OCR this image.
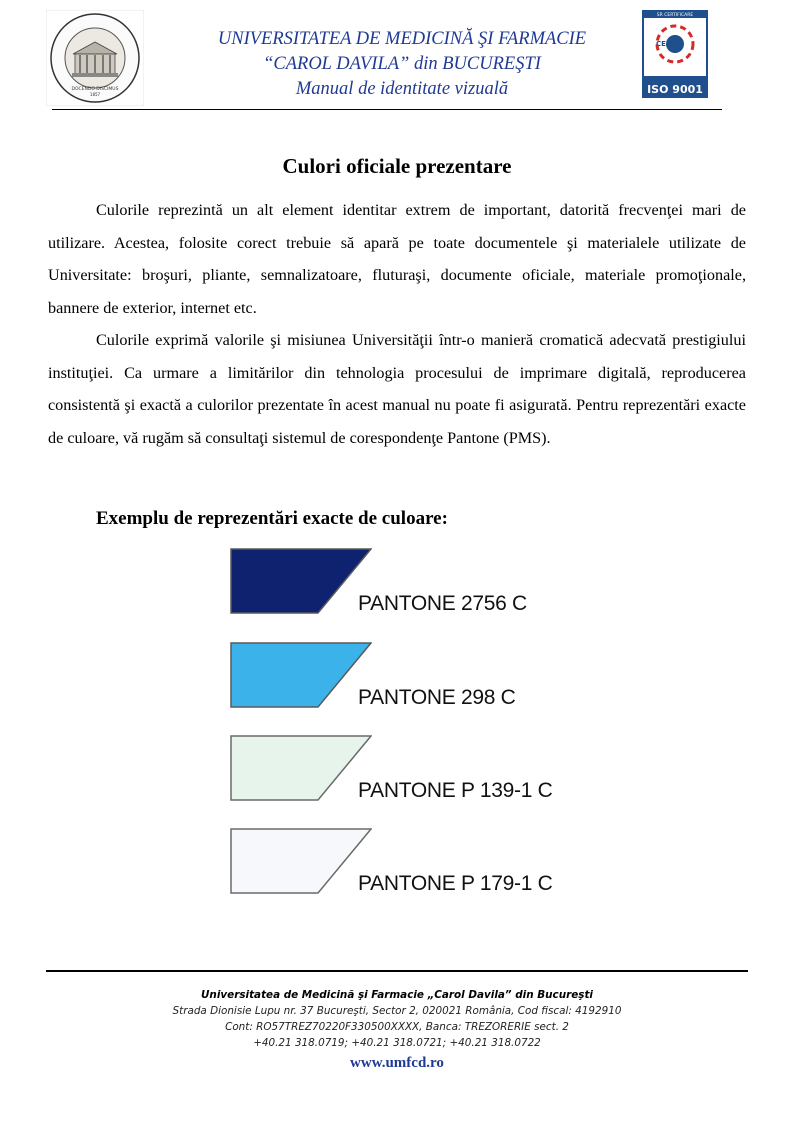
DOCENDO DISCIMUS
1857
UNIVERSITATEA DE MEDICINĂ ŞI FARMACIE
“CAROL DAVILA” din BUCUREŞTI
Manual de identitate vizuală
CERT
SR CERTIFICARE
ISO 9001
Culori oficiale prezentare

Culorile reprezintă un alt element identitar extrem de important, datorită frecvenţei mari de utilizare. Acestea, folosite corect trebuie să apară pe toate documentele şi materialele utilizate de Universitate: broşuri, pliante, semnalizatoare, fluturaşi, documente oficiale, materiale promoţionale, bannere de exterior, internet etc.

Culorile exprimă valorile şi misiunea Universităţii într-o manieră cromatică adecvată prestigiului instituţiei. Ca urmare a limitărilor din tehnologia procesului de imprimare digitală, reproducerea consistentă şi exactă a culorilor prezentate în acest manual nu poate fi asigurată. Pentru reprezentări exacte de culoare, vă rugăm să consultaţi sistemul de corespondenţe Pantone (PMS).

Exemplu de reprezentări exacte de culoare:
PANTONE 2756 C
PANTONE 298 C
PANTONE P 139-1 C
PANTONE P 179-1 C
Universitatea de Medicină şi Farmacie „Carol Davila” din Bucureşti
Strada Dionisie Lupu nr. 37 Bucureşti, Sector 2, 020021 România, Cod fiscal: 4192910
Cont: RO57TREZ70220F330500XXXX, Banca: TREZORERIE sect. 2
+40.21 318.0719; +40.21 318.0721; +40.21 318.0722
www.umfcd.ro
